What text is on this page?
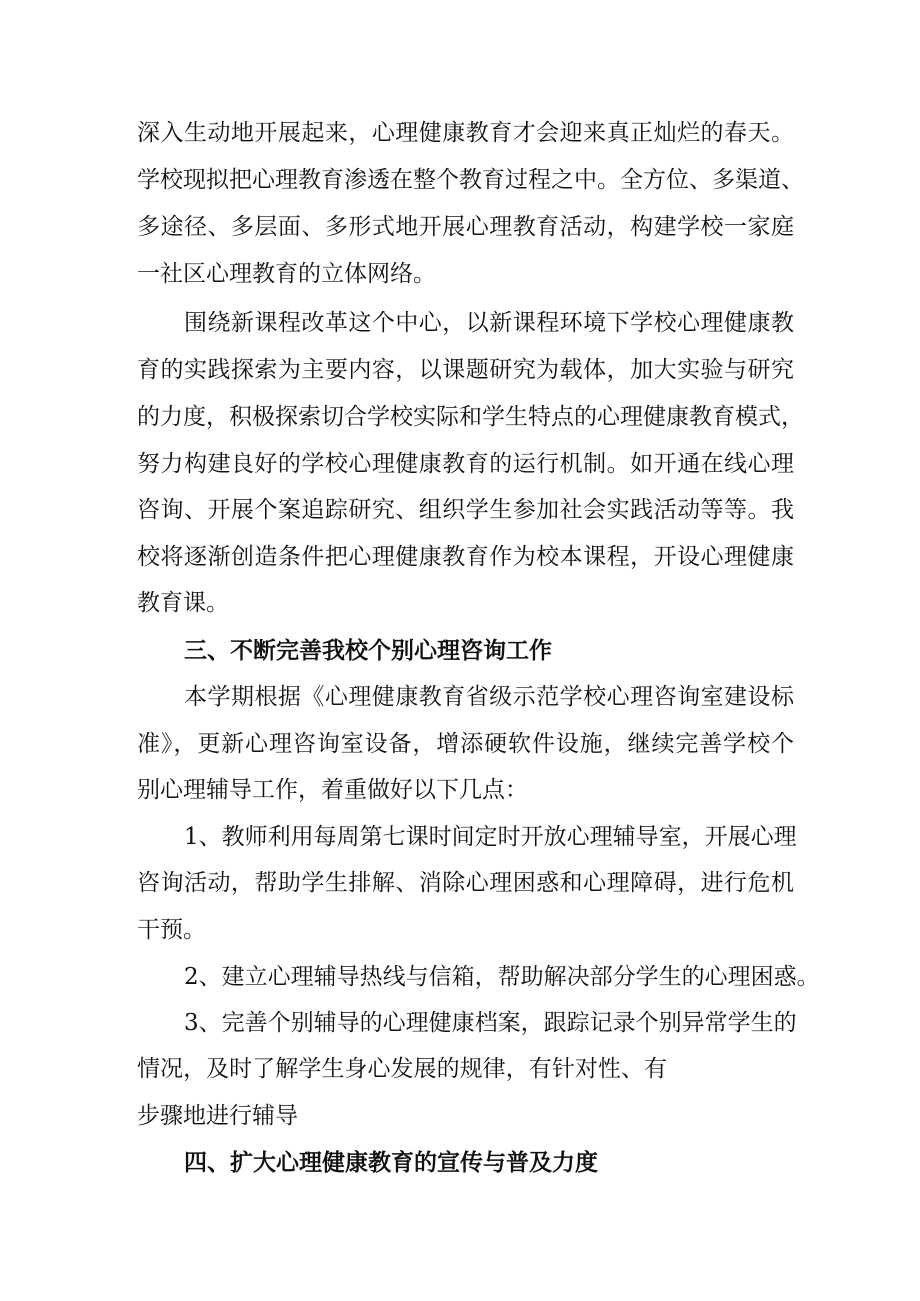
深入生动地开展起来，心理健康教育才会迎来真正灿烂的春天。
学校现拟把心理教育渗透在整个教育过程之中。全方位、多渠道、
多途径、多层面、多形式地开展心理教育活动，构建学校一家庭
一社区心理教育的立体网络。
围绕新课程改革这个中心，以新课程环境下学校心理健康教
育的实践探索为主要内容，以课题研究为载体，加大实验与研究
的力度，积极探索切合学校实际和学生特点的心理健康教育模式，
努力构建良好的学校心理健康教育的运行机制。如开通在线心理
咨询、开展个案追踪研究、组织学生参加社会实践活动等等。我
校将逐渐创造条件把心理健康教育作为校本课程，开设心理健康
教育课。
三、不断完善我校个别心理咨询工作
本学期根据《心理健康教育省级示范学校心理咨询室建设标
准》，更新心理咨询室设备，增添硬软件设施，继续完善学校个
别心理辅导工作，着重做好以下几点：
1、教师利用每周第七课时间定时开放心理辅导室，开展心理
咨询活动，帮助学生排解、消除心理困惑和心理障碍，进行危机
干预。
2、建立心理辅导热线与信箱，帮助解决部分学生的心理困惑。
3、完善个别辅导的心理健康档案，跟踪记录个别异常学生的
情况，及时了解学生身心发展的规律，有针对性、有
步骤地进行辅导
四、扩大心理健康教育的宣传与普及力度
